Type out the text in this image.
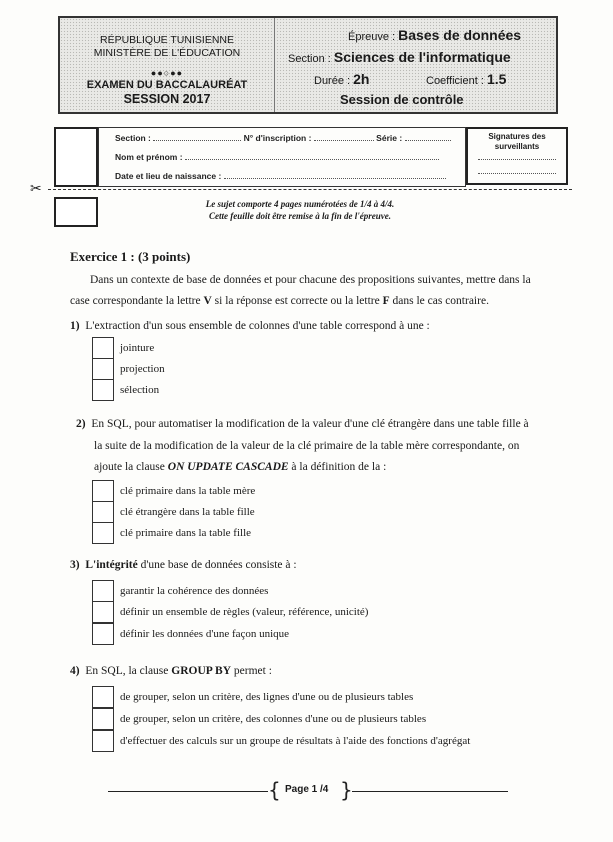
RÉPUBLIQUE TUNISIENNE
MINISTÈRE DE L'ÉDUCATION
●●○●●
EXAMEN DU BACCALAURÉAT
SESSION 2017
Épreuve : Bases de données
Section : Sciences de l'informatique
Durée : 2h	Coefficient : 1.5
Session de contrôle
Section :	N° d'inscription :	Série :
Nom et prénom :
Date et lieu de naissance :
Signatures des surveillants
✂
Le sujet comporte 4 pages numérotées de 1/4 à 4/4.
Cette feuille doit être remise à la fin de l'épreuve.
Exercice 1 : (3 points)
Dans un contexte de base de données et pour chacune des propositions suivantes, mettre dans la
case correspondante la lettre V si la réponse est correcte ou la lettre F dans le cas contraire.
1) L'extraction d'un sous ensemble de colonnes d'une table correspond à une :
jointure
projection
sélection
2) En SQL, pour automatiser la modification de la valeur d'une clé étrangère dans une table fille à
la suite de la modification de la valeur de la clé primaire de la table mère correspondante, on
ajoute la clause ON UPDATE CASCADE à la définition de la :
clé primaire dans la table mère
clé étrangère dans la table fille
clé primaire dans la table fille
3) L'intégrité d'une base de données consiste à :
garantir la cohérence des données
définir un ensemble de règles (valeur, référence, unicité)
définir les données d'une façon unique
4) En SQL, la clause GROUP BY permet :
de grouper, selon un critère, des lignes d'une ou de plusieurs tables
de grouper, selon un critère, des colonnes d'une ou de plusieurs tables
d'effectuer des calculs sur un groupe de résultats à l'aide des fonctions d'agrégat
{ Page 1 /4 }
